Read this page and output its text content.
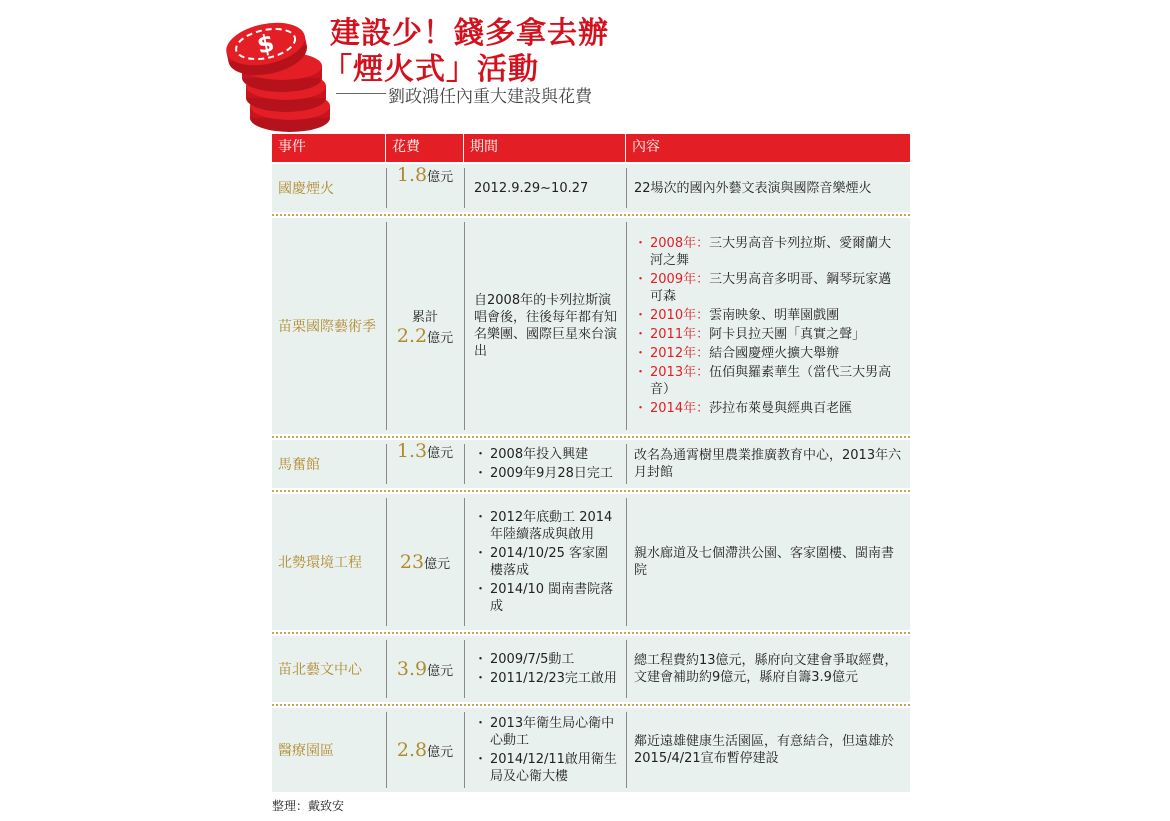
$ 建設少！錢多拿去辦
「煙火式」活動
劉政鴻任內重大建設與花費
事件	花費	期間	內容
國慶煙火
1.8 億元
2012.9.29~10.27	22場次的國內外藝文表演與國際音樂煙火
苗栗國際藝術季
累計
2.2億元
自2008年的卡列拉斯演唱會後，往後每年都有知名樂團、國際巨星來台演出
・ 2008年：三大男高音卡列拉斯、愛爾蘭大河之舞
・ 2009年：三大男高音多明哥、鋼琴玩家邁可森
・ 2010年：雲南映象、明華園戲團
・ 2011年：阿卡貝拉天團「真實之聲」
・ 2012年：結合國慶煙火擴大舉辦
・ 2013年：伍佰與羅素華生（當代三大男高音）
・ 2014年：莎拉布萊曼與經典百老匯
馬奮館
1.3 億元
・	2008年投入興建
・ 2009年9月28日完工
改名為通霄樹里農業推廣教育中心，2013年六月封館
北勢環境工程	23 億元
・ 2012年底動工 2014年陸續落成與啟用
・ 2014/10/25 客家圍樓落成
・ 2014/10 閩南書院落成
親水廊道及七個滯洪公園、客家圍樓、閩南書院
苗北藝文中心	3.9 億元
・ 2009/7/5動工
・ 2011/12/23完工啟用
總工程費約13億元，縣府向文建會爭取經費，文建會補助約9億元，縣府自籌3.9億元
醫療園區	2.8 億元
・ 2013年衛生局心衛中心動工
・ 2014/12/11啟用衛生局及心衛大樓
鄰近遠雄健康生活園區，有意結合，但遠雄於2015/4/21宣布暫停建設
整理：戴致安
